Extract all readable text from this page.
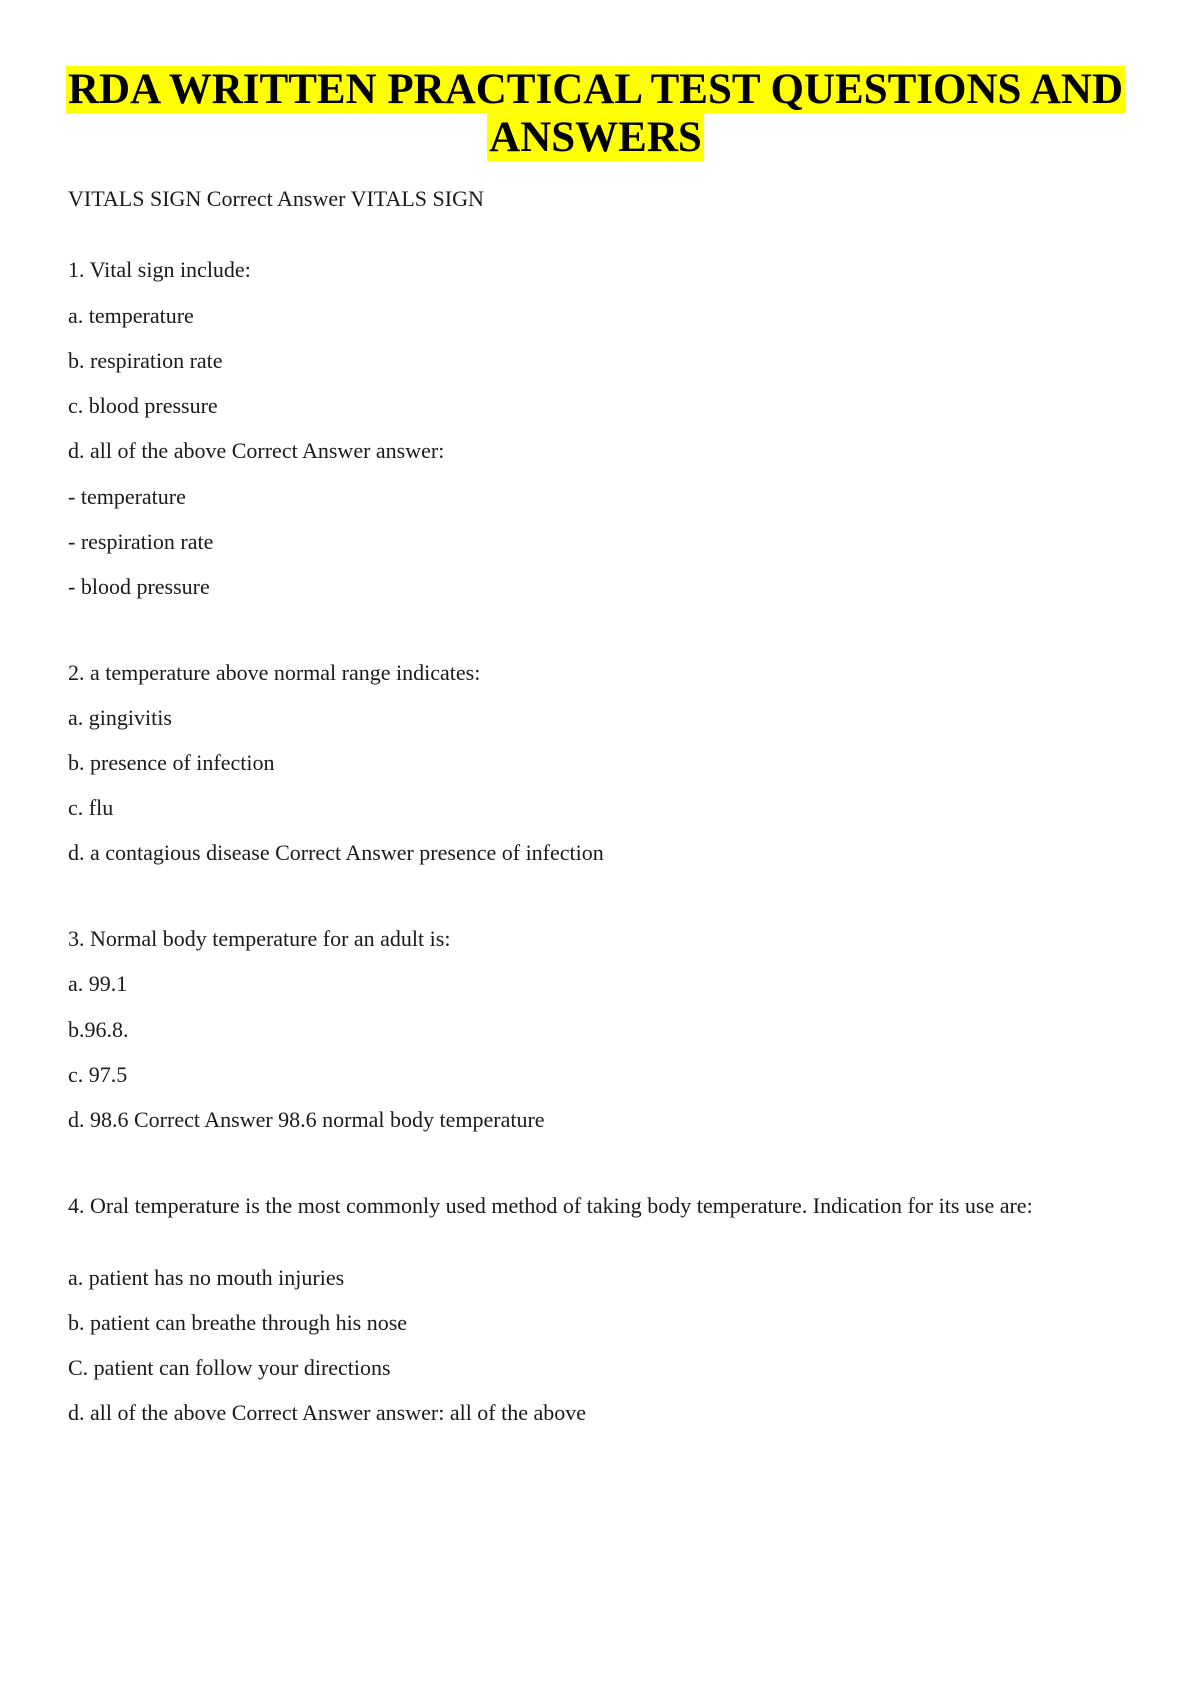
RDA WRITTEN PRACTICAL TEST QUESTIONS AND
ANSWERS
VITALS SIGN Correct Answer VITALS SIGN
1. Vital sign include:
a. temperature
b. respiration rate
c. blood pressure
d. all of the above Correct Answer answer:
- temperature
- respiration rate
- blood pressure
2. a temperature above normal range indicates:
a. gingivitis
b. presence of infection
c. flu
d. a contagious disease Correct Answer presence of infection
3. Normal body temperature for an adult is:
a. 99.1
b.96.8.
c. 97.5
d. 98.6 Correct Answer 98.6 normal body temperature
4. Oral temperature is the most commonly used method of taking body temperature. Indication for its use are:
a. patient has no mouth injuries
b. patient can breathe through his nose
C. patient can follow your directions
d. all of the above Correct Answer answer: all of the above
